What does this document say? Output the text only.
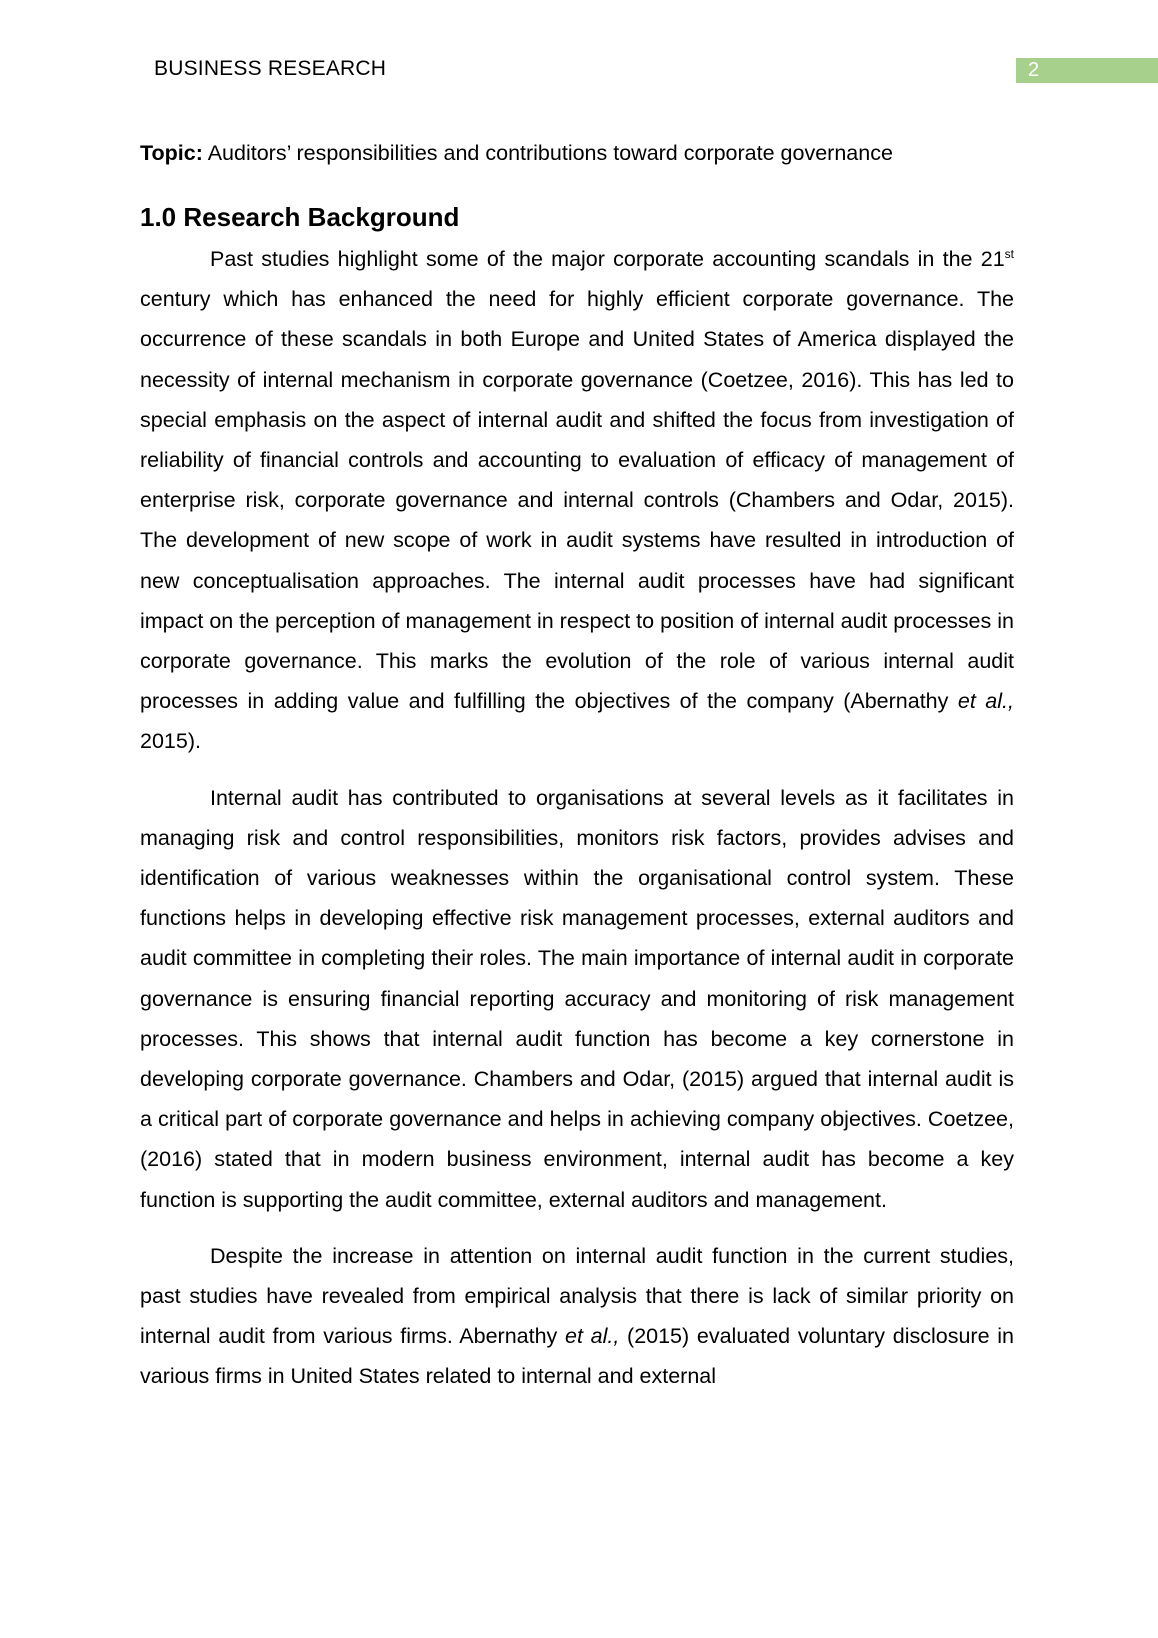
BUSINESS RESEARCH	2

Topic: Auditors’ responsibilities and contributions toward corporate governance

1.0 Research Background

Past studies highlight some of the major corporate accounting scandals in the 21st century which has enhanced the need for highly efficient corporate governance. The occurrence of these scandals in both Europe and United States of America displayed the necessity of internal mechanism in corporate governance (Coetzee, 2016). This has led to special emphasis on the aspect of internal audit and shifted the focus from investigation of reliability of financial controls and accounting to evaluation of efficacy of management of enterprise risk, corporate governance and internal controls (Chambers and Odar, 2015). The development of new scope of work in audit systems have resulted in introduction of new conceptualisation approaches. The internal audit processes have had significant impact on the perception of management in respect to position of internal audit processes in corporate governance. This marks the evolution of the role of various internal audit processes in adding value and fulfilling the objectives of the company (Abernathy et al., 2015).

Internal audit has contributed to organisations at several levels as it facilitates in managing risk and control responsibilities, monitors risk factors, provides advises and identification of various weaknesses within the organisational control system. These functions helps in developing effective risk management processes, external auditors and audit committee in completing their roles. The main importance of internal audit in corporate governance is ensuring financial reporting accuracy and monitoring of risk management processes. This shows that internal audit function has become a key cornerstone in developing corporate governance. Chambers and Odar, (2015) argued that internal audit is a critical part of corporate governance and helps in achieving company objectives. Coetzee, (2016) stated that in modern business environment, internal audit has become a key function is supporting the audit committee, external auditors and management.

Despite the increase in attention on internal audit function in the current studies, past studies have revealed from empirical analysis that there is lack of similar priority on internal audit from various firms. Abernathy et al., (2015) evaluated voluntary disclosure in various firms in United States related to internal and external
